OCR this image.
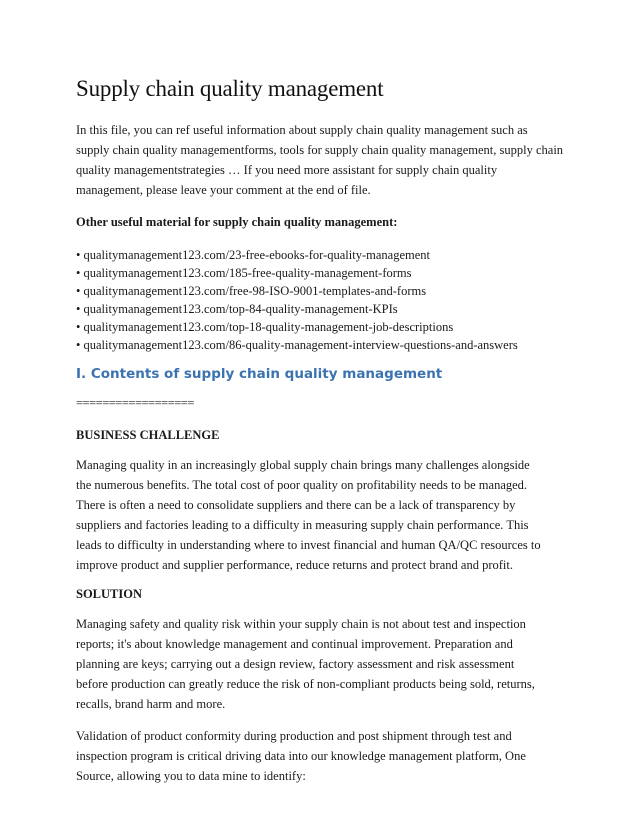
Supply chain quality management

In this file, you can ref useful information about supply chain quality management such as

supply chain quality managementforms, tools for supply chain quality management, supply chain

quality managementstrategies … If you need more assistant for supply chain quality

management, please leave your comment at the end of file.

Other useful material for supply chain quality management:

• qualitymanagement123.com/23-free-ebooks-for-quality-management
• qualitymanagement123.com/185-free-quality-management-forms
• qualitymanagement123.com/free-98-ISO-9001-templates-and-forms
• qualitymanagement123.com/top-84-quality-management-KPIs
• qualitymanagement123.com/top-18-quality-management-job-descriptions
• qualitymanagement123.com/86-quality-management-interview-questions-and-answers
I. Contents of supply chain quality management
==================
BUSINESS CHALLENGE

Managing quality in an increasingly global supply chain brings many challenges alongside

the numerous benefits. The total cost of poor quality on profitability needs to be managed.

There is often a need to consolidate suppliers and there can be a lack of transparency by

suppliers and factories leading to a difficulty in measuring supply chain performance. This

leads to difficulty in understanding where to invest financial and human QA/QC resources to

improve product and supplier performance, reduce returns and protect brand and profit.

SOLUTION

Managing safety and quality risk within your supply chain is not about test and inspection

reports; it's about knowledge management and continual improvement. Preparation and

planning are keys; carrying out a design review, factory assessment and risk assessment

before production can greatly reduce the risk of non-compliant products being sold, returns,

recalls, brand harm and more.

Validation of product conformity during production and post shipment through test and

inspection program is critical driving data into our knowledge management platform, One

Source, allowing you to data mine to identify:
